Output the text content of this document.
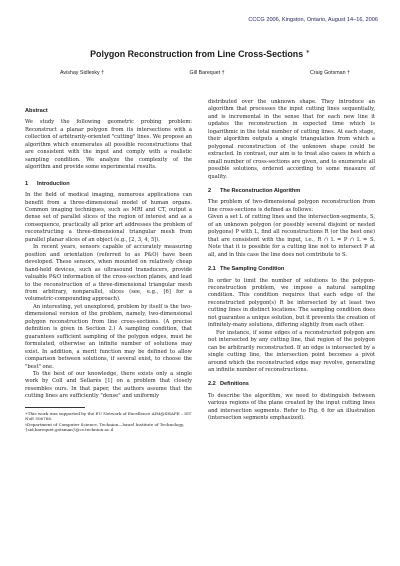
CCCG 2006, Kingston, Ontario, August 14–16, 2006
Polygon Reconstruction from Line Cross-Sections ∗
Avishay Sidlesky †	Gill Barequet †	Craig Gotsman †
Abstract

We study the following geometric probing problem: Reconstruct a planar polygon from its intersections with a collection of arbitrarily-oriented "cutting" lines. We propose an algorithm which enumerates all possible reconstructions that are consistent with the input and comply with a realistic sampling condition. We analyze the complexity of the algorithm and provide some experimental results.

1 Introduction

In the field of medical imaging, numerous applications can benefit from a three-dimensional model of human organs. Common imaging techniques, such as MRI and CT, output a dense set of parallel slices of the region of interest and as a consequence, practically all prior art addresses the problem of reconstructing a three-dimensional triangular mesh from parallel planar slices of an object (e.g., [2, 3, 4, 5]).

In recent years, sensors capable of accurately measuring position and orientation (referred to as P&O) have been developed. These sensors, when mounted on relatively cheap hand-held devices, such as ultrasound transducers, provide valuable P&O information of the cross-section planes, and lead to the reconstruction of a three-dimensional triangular mesh from arbitrary, nonparallel, slices (see, e.g., [6] for a volumetric-compounding approach).

An interesting, yet unexplored, problem by itself is the two-dimensional version of the problem, namely, two-dimensional polygon reconstruction from line cross-sections. (A precise definition is given in Section 2.) A sampling condition, that guarantees sufficient sampling of the polygon edges, must be formulated, otherwise an infinite number of solutions may exist. In addition, a merit function may be defined to allow comparison between solutions, if several exist, to choose the "best" one.

To the best of our knowledge, there exists only a single work by Coll and Sellarès [1] on a problem that closely resembles ours. In that paper, the authors assume that the cutting lines are sufficiently "dense" and uniformly

∗This work was supported by the EU Network of Excellence AIM@SHAPE – IST NoE 506766.
†Department of Computer Science, Technion—Israel Institute of Technology, {sid,barequet,gotsman}@cs.technion.ac.il

distributed over the unknown shape. They introduce an algorithm that processes the input cutting lines sequentially, and is incremental in the sense that for each new line it updates the reconstruction in expected time which is logarithmic in the total number of cutting lines. At each stage, their algorithm outputs a single triangulation from which a polygonal reconstruction of the unknown shape could be extracted. In contrast, our aim is to treat also cases in which a small number of cross-sections are given, and to enumerate all possible solutions, ordered according to some measure of quality.

2 The Reconstruction Algorithm

The problem of two-dimensional polygon reconstruction from line cross-sections is defined as follows:

Given a set L of cutting lines and the intersection-segments, S, of an unknown polygon (or possibly several disjoint or nested polygons) P with L, find all reconstructions R (or the best one) that are consistent with the input, i.e., R ∩ L = P ∩ L = S. Note that it is possible for a cutting line not to intersect P at all, and in this case the line does not contribute to S.

2.1 The Sampling Condition

In order to limit the number of solutions to the polygon-reconstruction problem, we impose a natural sampling condition. This condition requires that each edge of the reconstructed polygon(s) R be intersected by at least two cutting lines in distinct locations. The sampling condition does not guarantee a unique solution, but it prevents the creation of infinitely-many solutions, differing slightly from each other.

For instance, if some edges of a reconstructed polygon are not intersected by any cutting line, that region of the polygon can be arbitrarily reconstructed. If an edge is intersected by a single cutting line, the intersection point becomes a pivot around which the reconstructed edge may revolve, generating an infinite number of reconstructions.

2.2 Definitions

To describe the algorithm, we need to distinguish between various regions of the plane created by the input cutting lines and intersection segments. Refer to Fig. 6 for an illustration (intersection segments emphasized).
